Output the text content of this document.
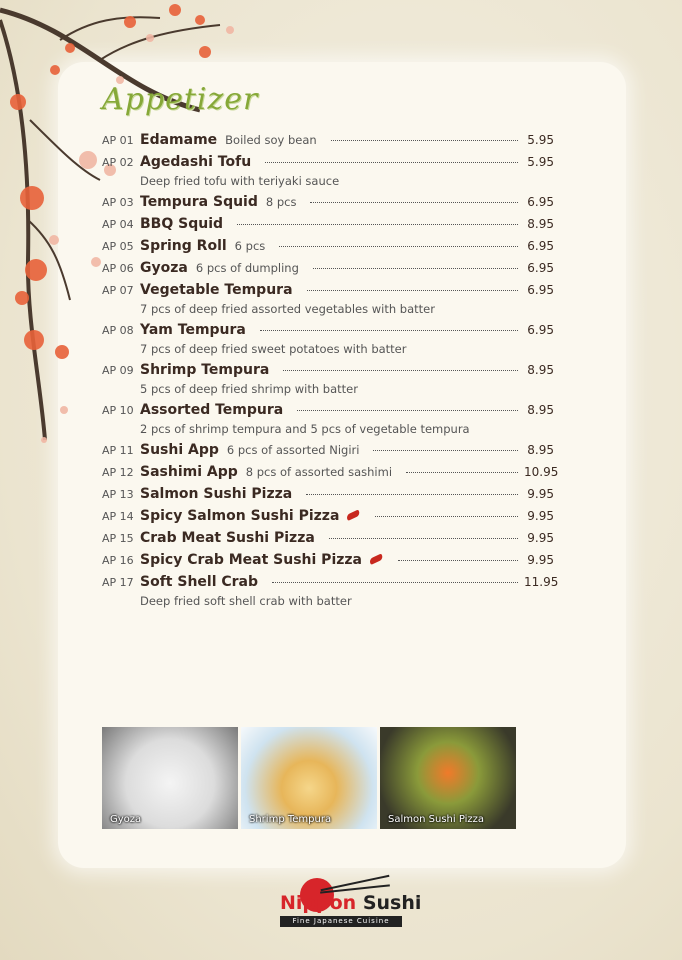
Appetizer
AP 01 Edamame Boiled soy bean	5.95
AP 02 Agedashi Tofu	5.95
Deep fried tofu with teriyaki sauce
AP 03 Tempura Squid 8 pcs	6.95
AP 04 BBQ Squid	8.95
AP 05 Spring Roll 6 pcs	6.95
AP 06 Gyoza 6 pcs of dumpling	6.95
AP 07 Vegetable Tempura	6.95
7 pcs of deep fried assorted vegetables with batter
AP 08 Yam Tempura	6.95
7 pcs of deep fried sweet potatoes with batter
AP 09 Shrimp Tempura	8.95
5 pcs of deep fried shrimp with batter
AP 10 Assorted Tempura	8.95
2 pcs of shrimp tempura and 5 pcs of vegetable tempura
AP 11 Sushi App 6 pcs of assorted Nigiri	8.95
AP 12 Sashimi App 8 pcs of assorted sashimi	10.95
AP 13 Salmon Sushi Pizza	9.95
AP 14 Spicy Salmon Sushi Pizza	9.95
AP 15 Crab Meat Sushi Pizza	9.95
AP 16 Spicy Crab Meat Sushi Pizza	9.95
AP 17 Soft Shell Crab	11.95
Deep fried soft shell crab with batter
Gyoza	Shrimp Tempura	Salmon Sushi Pizza
Nippon Sushi
Fine Japanese Cuisine
